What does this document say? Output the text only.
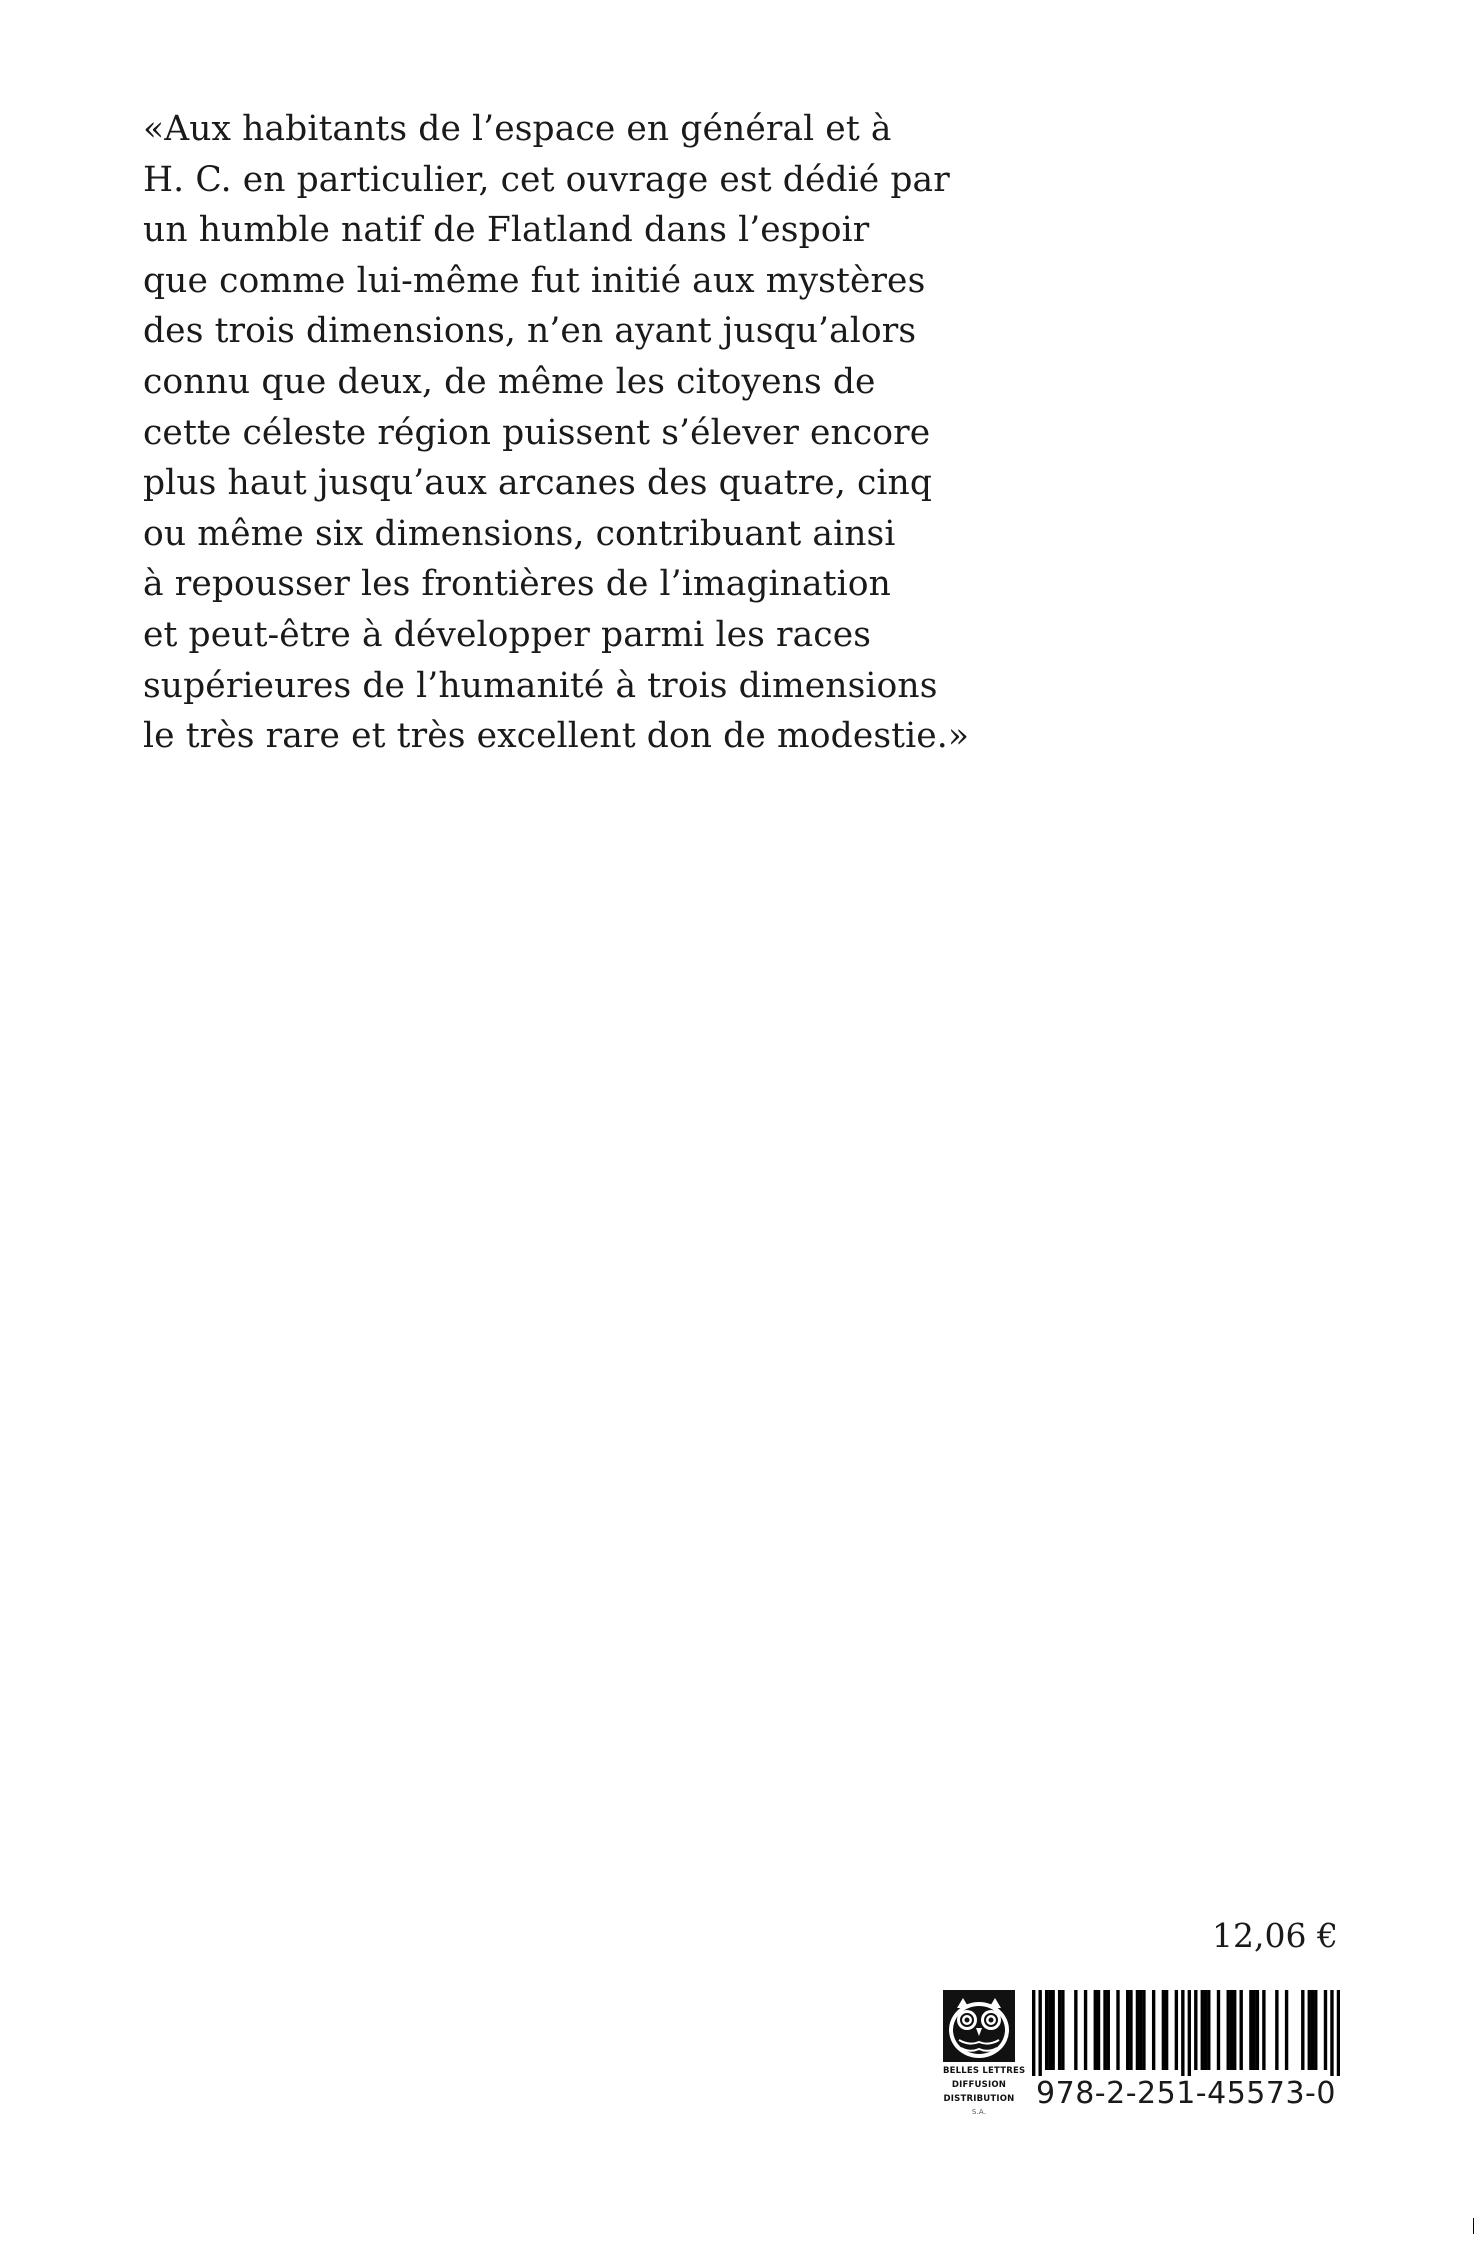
«Aux habitants de l’espace en général et à
H. C. en particulier, cet ouvrage est dédié par
un humble natif de Flatland dans l’espoir
que comme lui-même fut initié aux mystères
des trois dimensions, n’en ayant jusqu’alors
connu que deux, de même les citoyens de
cette céleste région puissent s’élever encore
plus haut jusqu’aux arcanes des quatre, cinq
ou même six dimensions, contribuant ainsi
à repousser les frontières de l’imagination
et peut-être à développer parmi les races
supérieures de l’humanité à trois dimensions
le très rare et très excellent don de modestie.»
12,06 €
BELLES LETTRES
DIFFUSION
DISTRIBUTION
S.A.
978-2-251-45573-0
